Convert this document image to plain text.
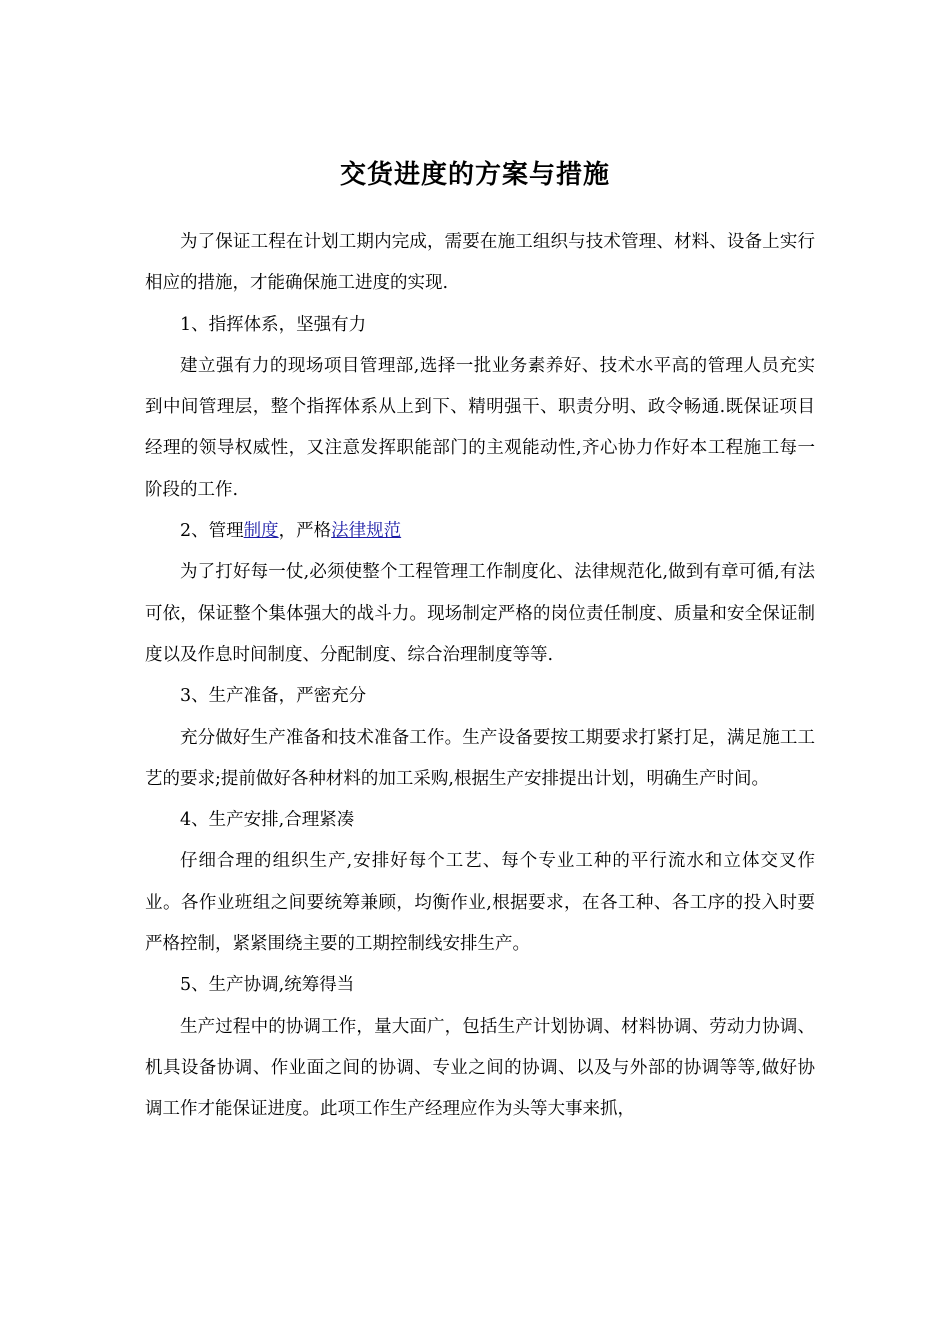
交货进度的方案与措施

为了保证工程在计划工期内完成，需要在施工组织与技术管理、材料、设备上实行相应的措施，才能确保施工进度的实现.

1、指挥体系，坚强有力

建立强有力的现场项目管理部,选择一批业务素养好、技术水平高的管理人员充实到中间管理层，整个指挥体系从上到下、精明强干、职责分明、政令畅通.既保证项目经理的领导权威性，又注意发挥职能部门的主观能动性,齐心协力作好本工程施工每一阶段的工作.

2、管理制度，严格法律规范

为了打好每一仗,必须使整个工程管理工作制度化、法律规范化,做到有章可循,有法可依，保证整个集体强大的战斗力。现场制定严格的岗位责任制度、质量和安全保证制度以及作息时间制度、分配制度、综合治理制度等等.

3、生产准备，严密充分

充分做好生产准备和技术准备工作。生产设备要按工期要求打紧打足，满足施工工艺的要求;提前做好各种材料的加工采购,根据生产安排提出计划，明确生产时间。

4、生产安排,合理紧凑

仔细合理的组织生产,安排好每个工艺、每个专业工种的平行流水和立体交叉作业。各作业班组之间要统筹兼顾，均衡作业,根据要求，在各工种、各工序的投入时要严格控制，紧紧围绕主要的工期控制线安排生产。

5、生产协调,统筹得当

生产过程中的协调工作，量大面广，包括生产计划协调、材料协调、劳动力协调、机具设备协调、作业面之间的协调、专业之间的协调、以及与外部的协调等等,做好协调工作才能保证进度。此项工作生产经理应作为头等大事来抓，
